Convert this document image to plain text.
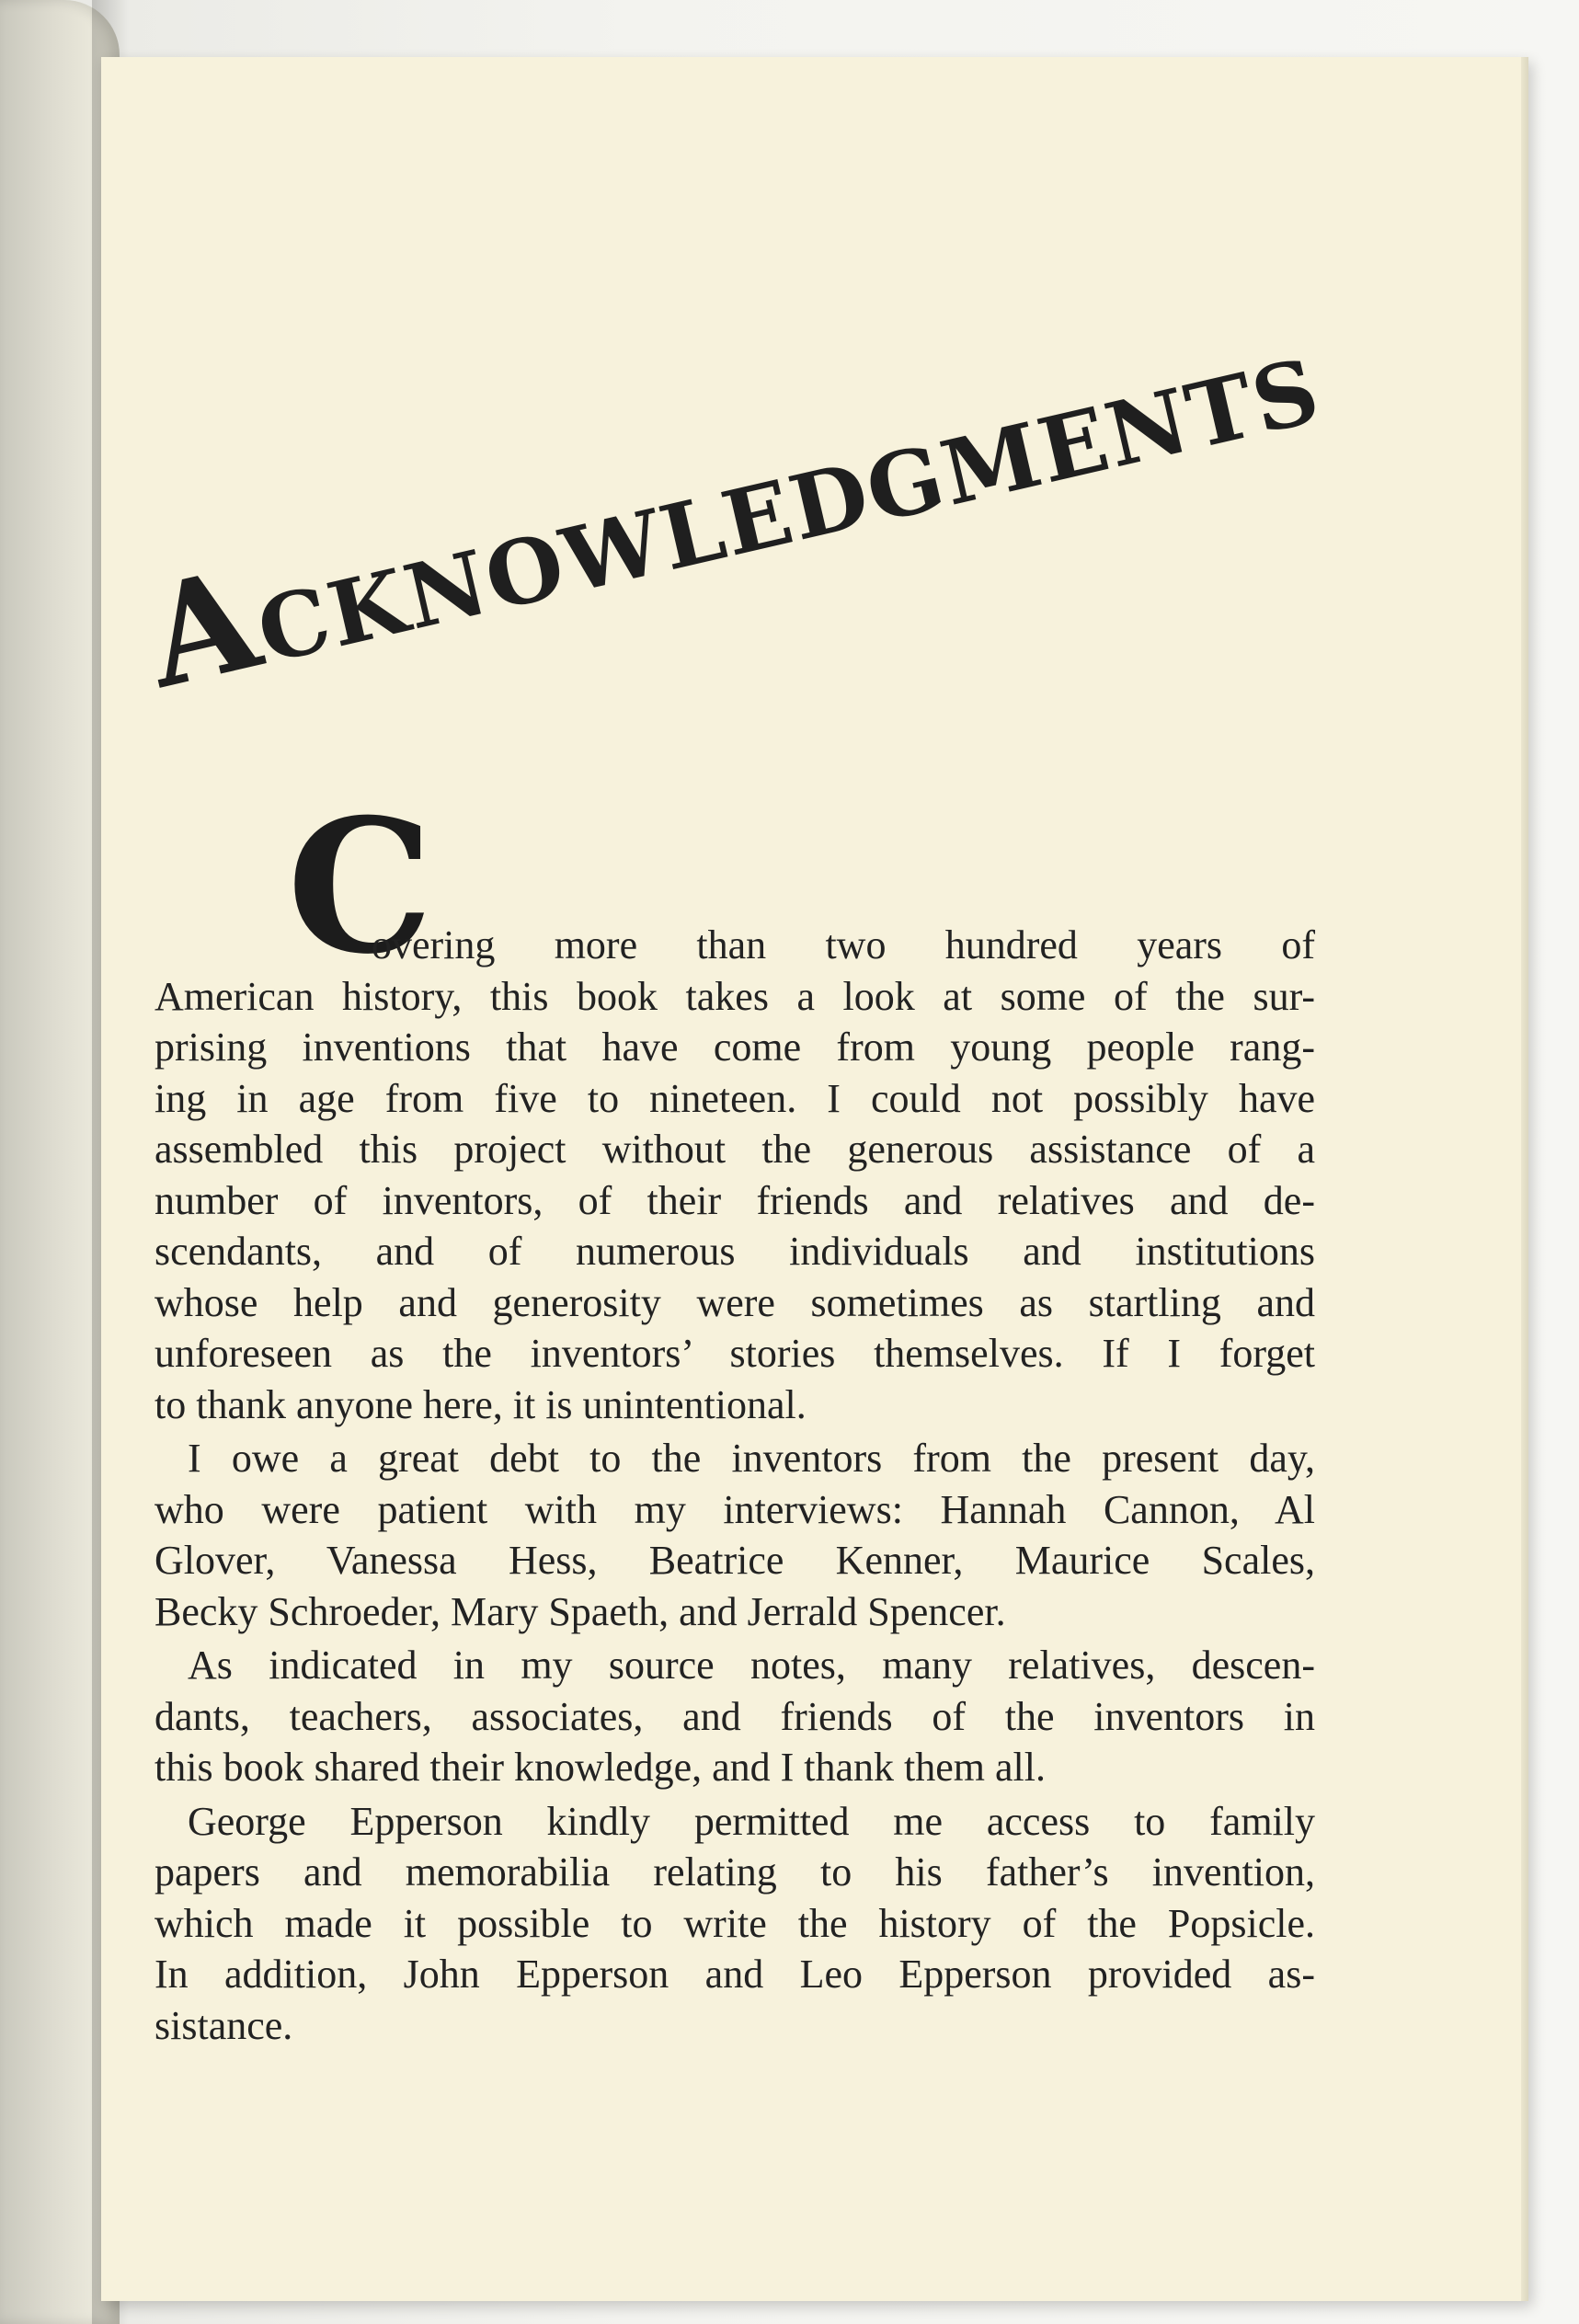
ACKNOWLEDGMENTS
C
overing more than two hundred years of
American history, this book takes a look at some of the sur-
prising inventions that have come from young people rang-
ing in age from five to nineteen. I could not possibly have
assembled this project without the generous assistance of a
number of inventors, of their friends and relatives and de-
scendants, and of numerous individuals and institutions
whose help and generosity were sometimes as startling and
unforeseen as the inventors’ stories themselves. If I forget
to thank anyone here, it is unintentional.
I owe a great debt to the inventors from the present day,
who were patient with my interviews: Hannah Cannon, Al
Glover, Vanessa Hess, Beatrice Kenner, Maurice Scales,
Becky Schroeder, Mary Spaeth, and Jerrald Spencer.
As indicated in my source notes, many relatives, descen-
dants, teachers, associates, and friends of the inventors in
this book shared their knowledge, and I thank them all.
George Epperson kindly permitted me access to family
papers and memorabilia relating to his father’s invention,
which made it possible to write the history of the Popsicle.
In addition, John Epperson and Leo Epperson provided as-
sistance.
